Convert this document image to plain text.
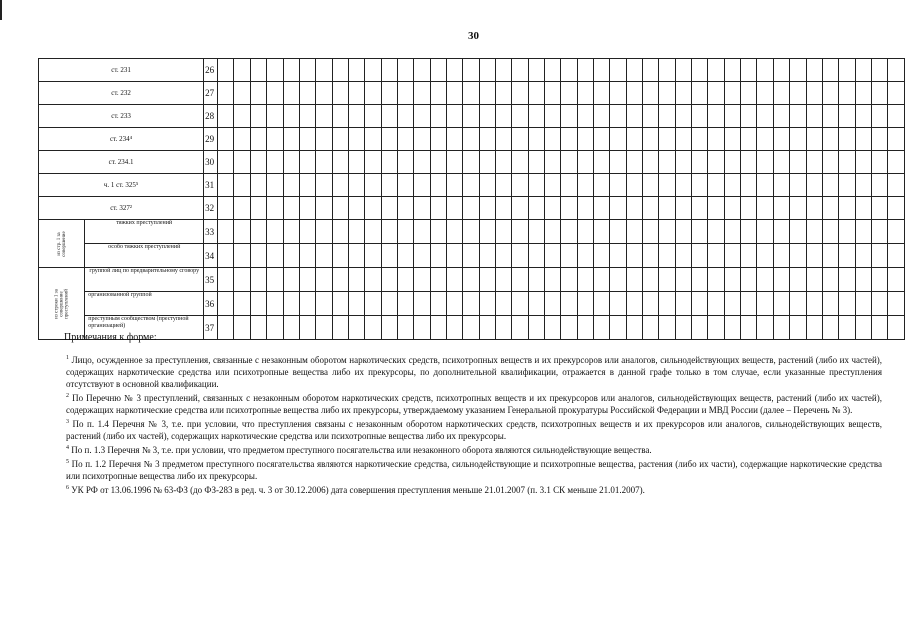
30
ст. 231		26																																										
ст. 232		27																																										
ст. 233		28																																										
ст. 234⁴		29																																										
ст. 234.1		30																																										
ч. 1 ст. 325⁵		31																																										
ст. 327²		32																																										

из стр. 1 за совершение	тяжких преступлений	33																																										
	особо тяжких преступлений	34																																										

из строки 1 за совершение преступлений	группой лиц по предварительному сговору	35																																										
	организованной группой	36																																										
	преступным сообществом (преступной организацией)	37																																										
Примечания к форме:
$^1$ Лицо, осужденное за преступления, связанные с незаконным оборотом наркотических средств, психотропных веществ и их прекурсоров или аналогов, сильнодействующих веществ, растений (либо их частей), содержащих наркотические средства или психотропные вещества либо их прекурсоры, по дополнительной квалификации, отражается в данной графе только в том случае, если указанные преступления отсутствуют в основной квалификации.
$^2$ По Перечню № 3 преступлений, связанных с незаконным оборотом наркотических средств, психотропных веществ и их прекурсоров или аналогов, сильнодействующих веществ, растений (либо их частей), содержащих наркотические средства или психотропные вещества либо их прекурсоры, утверждаемому указанием Генеральной прокуратуры Российской Федерации и МВД России (далее – Перечень № 3).
$^3$ По п. 1.4 Перечня № 3, т.е. при условии, что преступления связаны с незаконным оборотом наркотических средств, психотропных веществ и их прекурсоров или аналогов, сильнодействующих веществ, растений (либо их частей), содержащих наркотические средства или психотропные вещества либо их прекурсоры.
$^4$ По п. 1.3 Перечня № 3, т.е. при условии, что предметом преступного посягательства или незаконного оборота являются сильнодействующие вещества.
$^5$ По п. 1.2 Перечня № 3 предметом преступного посягательства являются наркотические средства, сильнодействующие и психотропные вещества, растения (либо их части), содержащие наркотические средства или психотропные вещества либо их прекурсоры.
$^6$ УК РФ от 13.06.1996 № 63-ФЗ (до ФЗ-283 в ред. ч. 3 от 30.12.2006) дата совершения преступления меньше 21.01.2007 (п. 3.1 СК меньше 21.01.2007).
